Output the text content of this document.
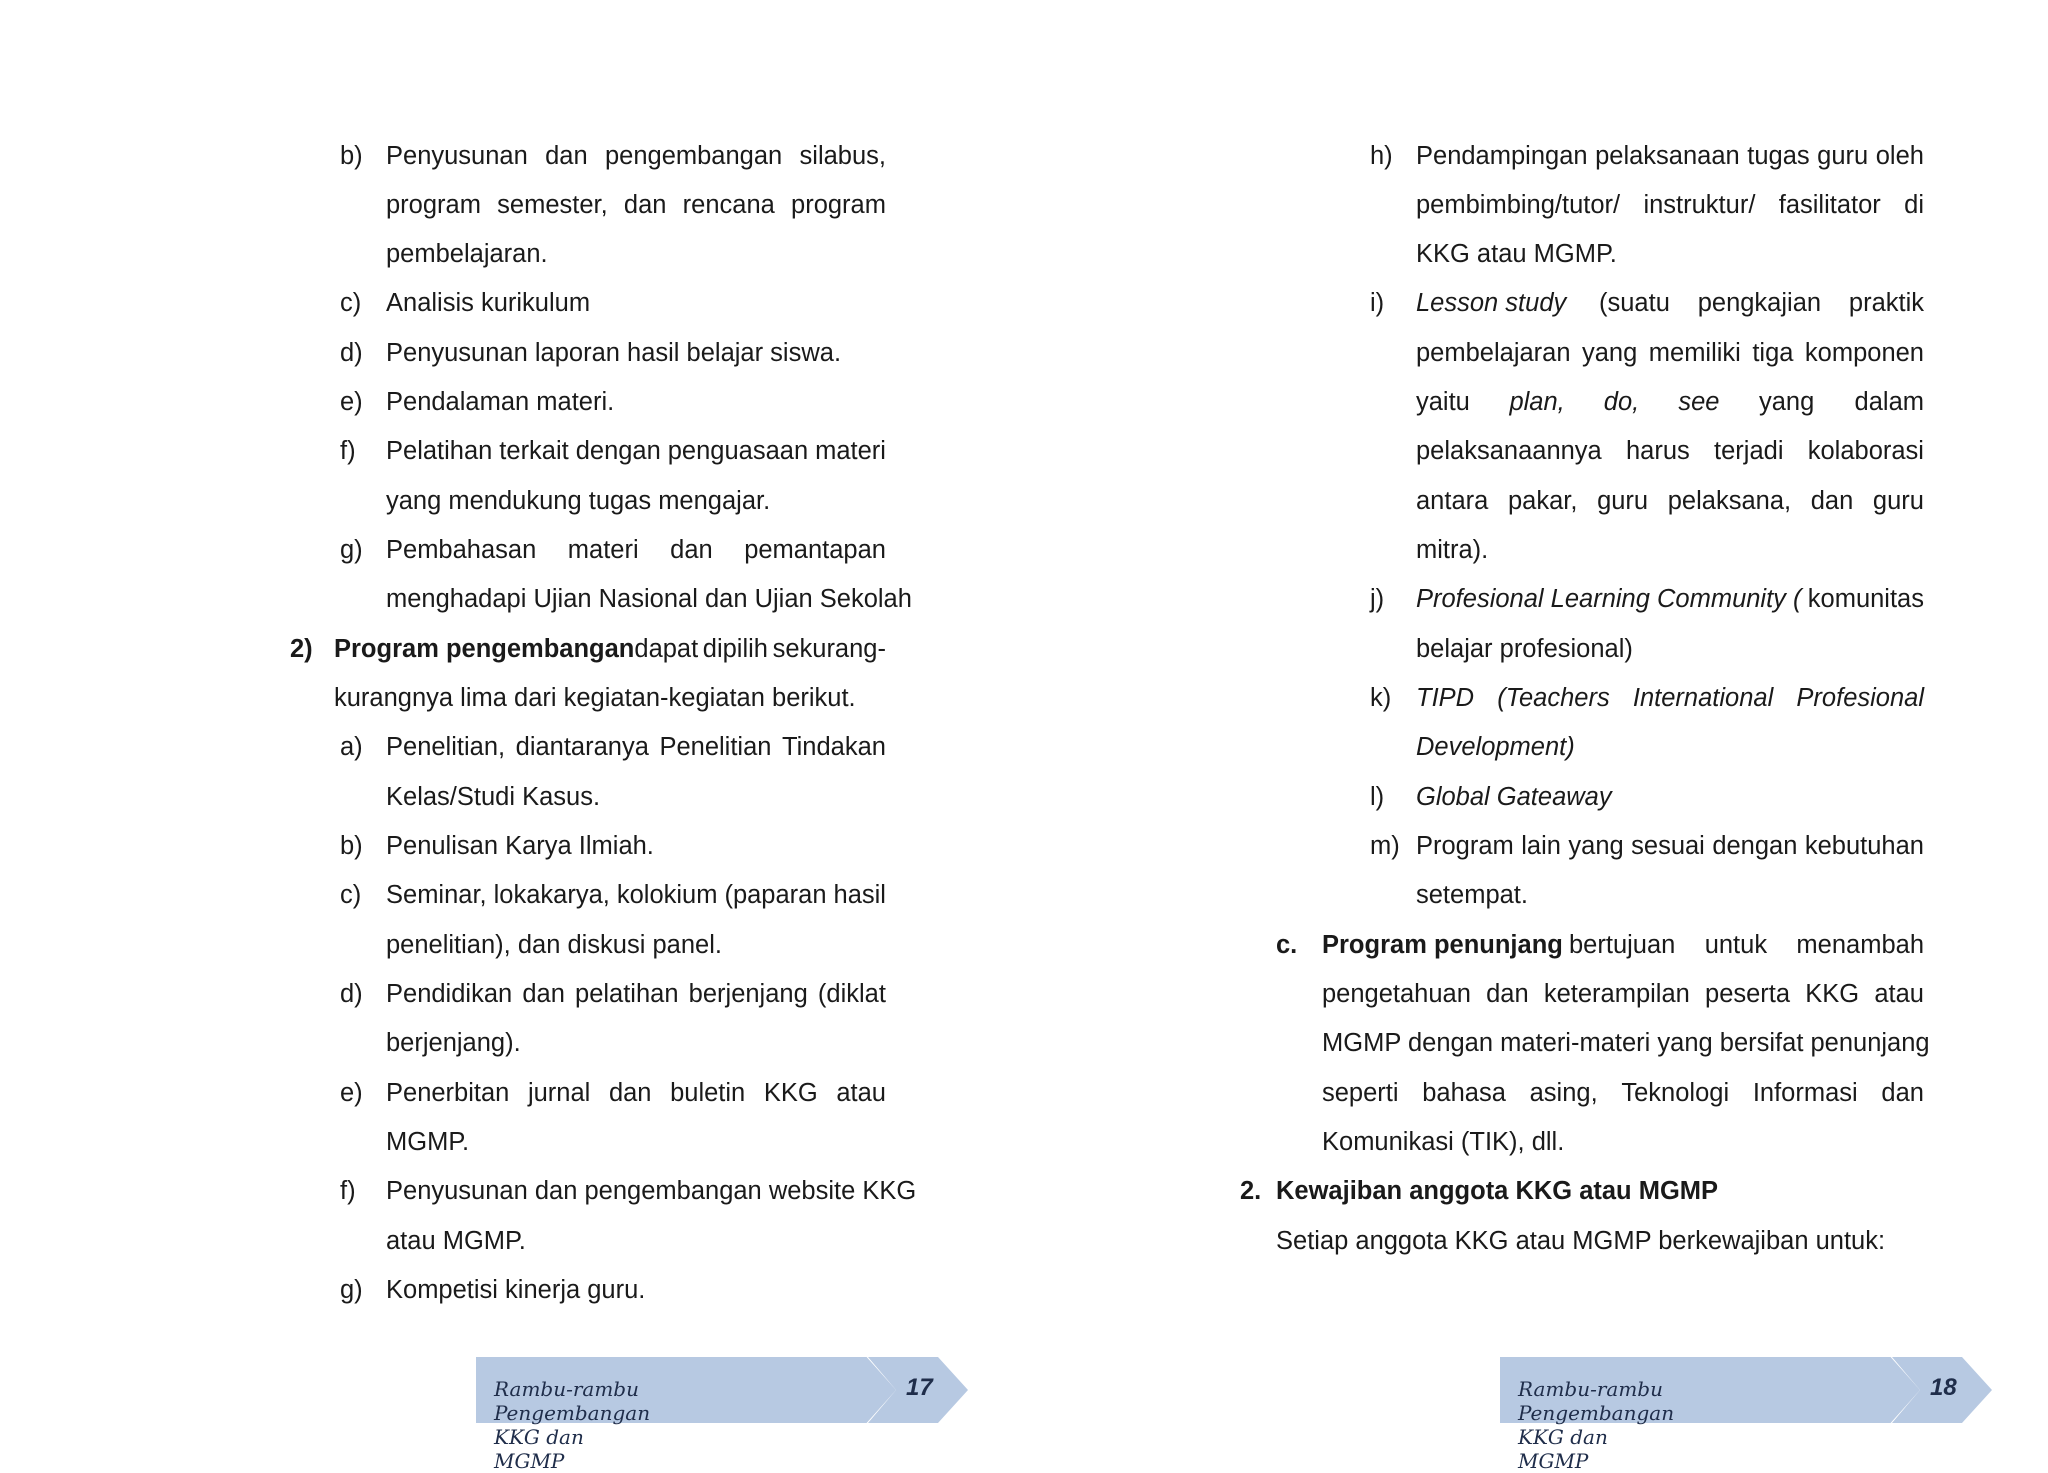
b) Penyusunan dan pengembangan silabus,
program semester, dan rencana program
pembelajaran.
c) Analisis kurikulum
d) Penyusunan laporan hasil belajar siswa.
e) Pendalaman materi.
f) Pelatihan terkait dengan penguasaan materi
yang mendukung tugas mengajar.
g) Pembahasan materi dan pemantapan
menghadapi Ujian Nasional dan Ujian Sekolah
2) Program pengembangan dapat dipilih sekurang-
kurangnya lima dari kegiatan-kegiatan berikut.
a) Penelitian, diantaranya Penelitian Tindakan
Kelas/Studi Kasus.
b) Penulisan Karya Ilmiah.
c) Seminar, lokakarya, kolokium (paparan hasil
penelitian), dan diskusi panel.
d) Pendidikan dan pelatihan berjenjang (diklat
berjenjang).
e) Penerbitan jurnal dan buletin KKG atau
MGMP.
f) Penyusunan dan pengembangan website KKG
atau MGMP.
g) Kompetisi kinerja guru.
Rambu-rambu Pengembangan KKG dan MGMP
17
h) Pendampingan pelaksanaan tugas guru oleh
pembimbing/tutor/ instruktur/ fasilitator di
KKG atau MGMP.
i) Lesson study (suatu pengkajian praktik
pembelajaran yang memiliki tiga komponen
yaitu plan, do, see yang dalam
pelaksanaannya harus terjadi kolaborasi
antara pakar, guru pelaksana, dan guru
mitra).
j) Profesional Learning Community ( komunitas
belajar profesional)
k) TIPD (Teachers International Profesional
Development)
l) Global Gateaway
m) Program lain yang sesuai dengan kebutuhan
setempat.
c. Program penunjang bertujuan untuk menambah
pengetahuan dan keterampilan peserta KKG atau
MGMP dengan materi-materi yang bersifat penunjang
seperti bahasa asing, Teknologi Informasi dan
Komunikasi (TIK), dll.
2. Kewajiban anggota KKG atau MGMP
Setiap anggota KKG atau MGMP berkewajiban untuk:
Rambu-rambu Pengembangan KKG dan MGMP
18
